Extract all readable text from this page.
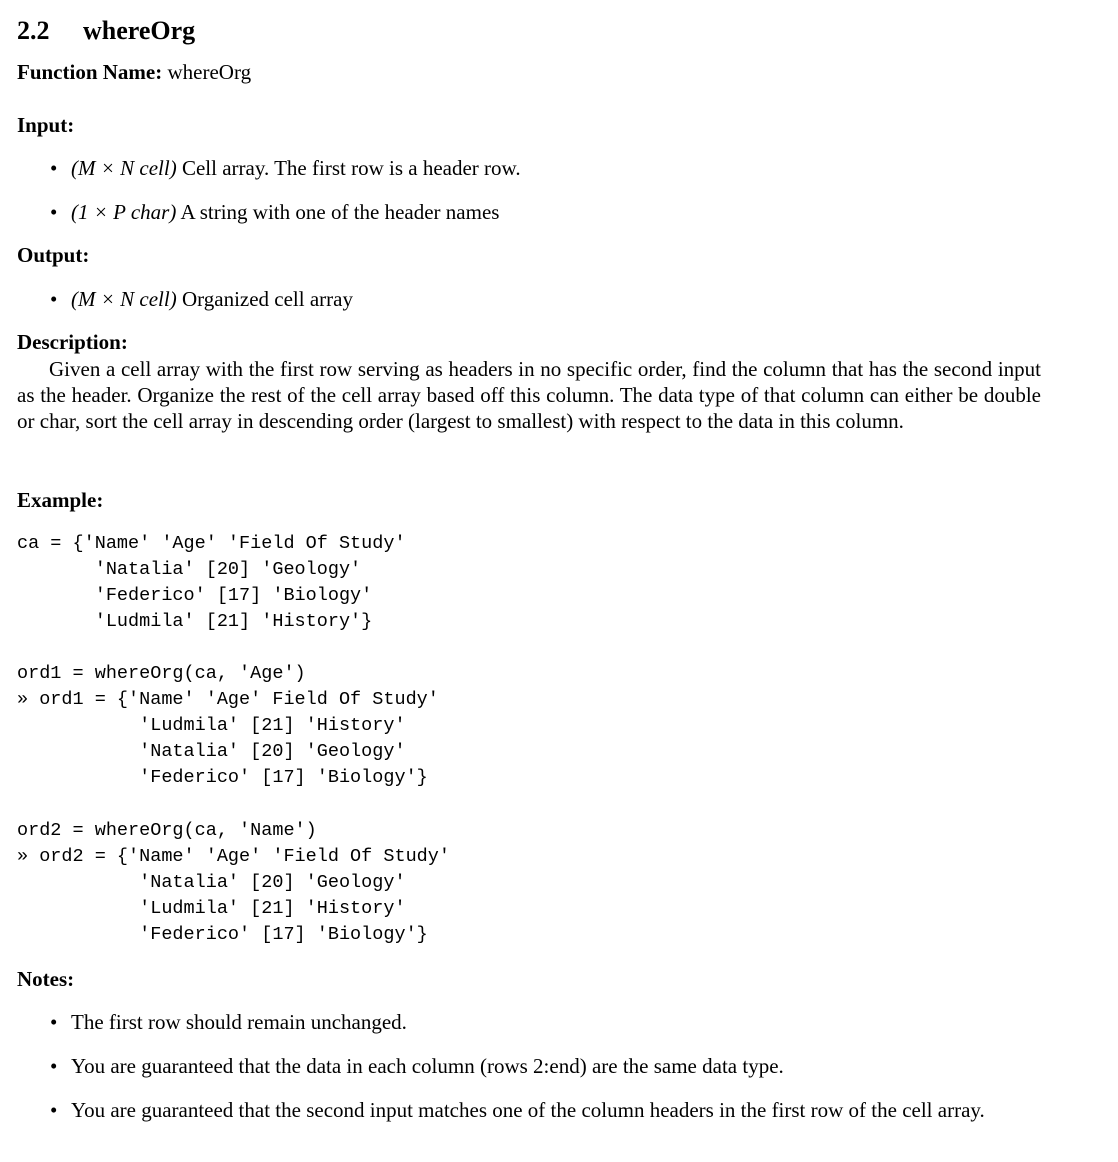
2.2 whereOrg
Function Name: whereOrg
Input:
• (M × N cell) Cell array. The first row is a header row.
• (1 × P char) A string with one of the header names
Output:
• (M × N cell) Organized cell array
Description:

Given a cell array with the first row serving as headers in no specific order, find the column that has the second input as the header. Organize the rest of the cell array based off this column. The data type of that column can either be double or char, sort the cell array in descending order (largest to smallest) with respect to the data in this column.

Example:
ca = {'Name' 'Age' 'Field Of Study'
'Natalia' [20] 'Geology'
'Federico' [17] 'Biology'
'Ludmila' [21] 'History'}
ord1 = whereOrg(ca, 'Age')
» ord1 = {'Name' 'Age' Field Of Study'
'Ludmila' [21] 'History'
'Natalia' [20] 'Geology'
'Federico' [17] 'Biology'}
ord2 = whereOrg(ca, 'Name')
» ord2 = {'Name' 'Age' 'Field Of Study'
'Natalia' [20] 'Geology'
'Ludmila' [21] 'History'
'Federico' [17] 'Biology'}
Notes:
• The first row should remain unchanged.
• You are guaranteed that the data in each column (rows 2:end) are the same data type.
• You are guaranteed that the second input matches one of the column headers in the first row of the cell array.
